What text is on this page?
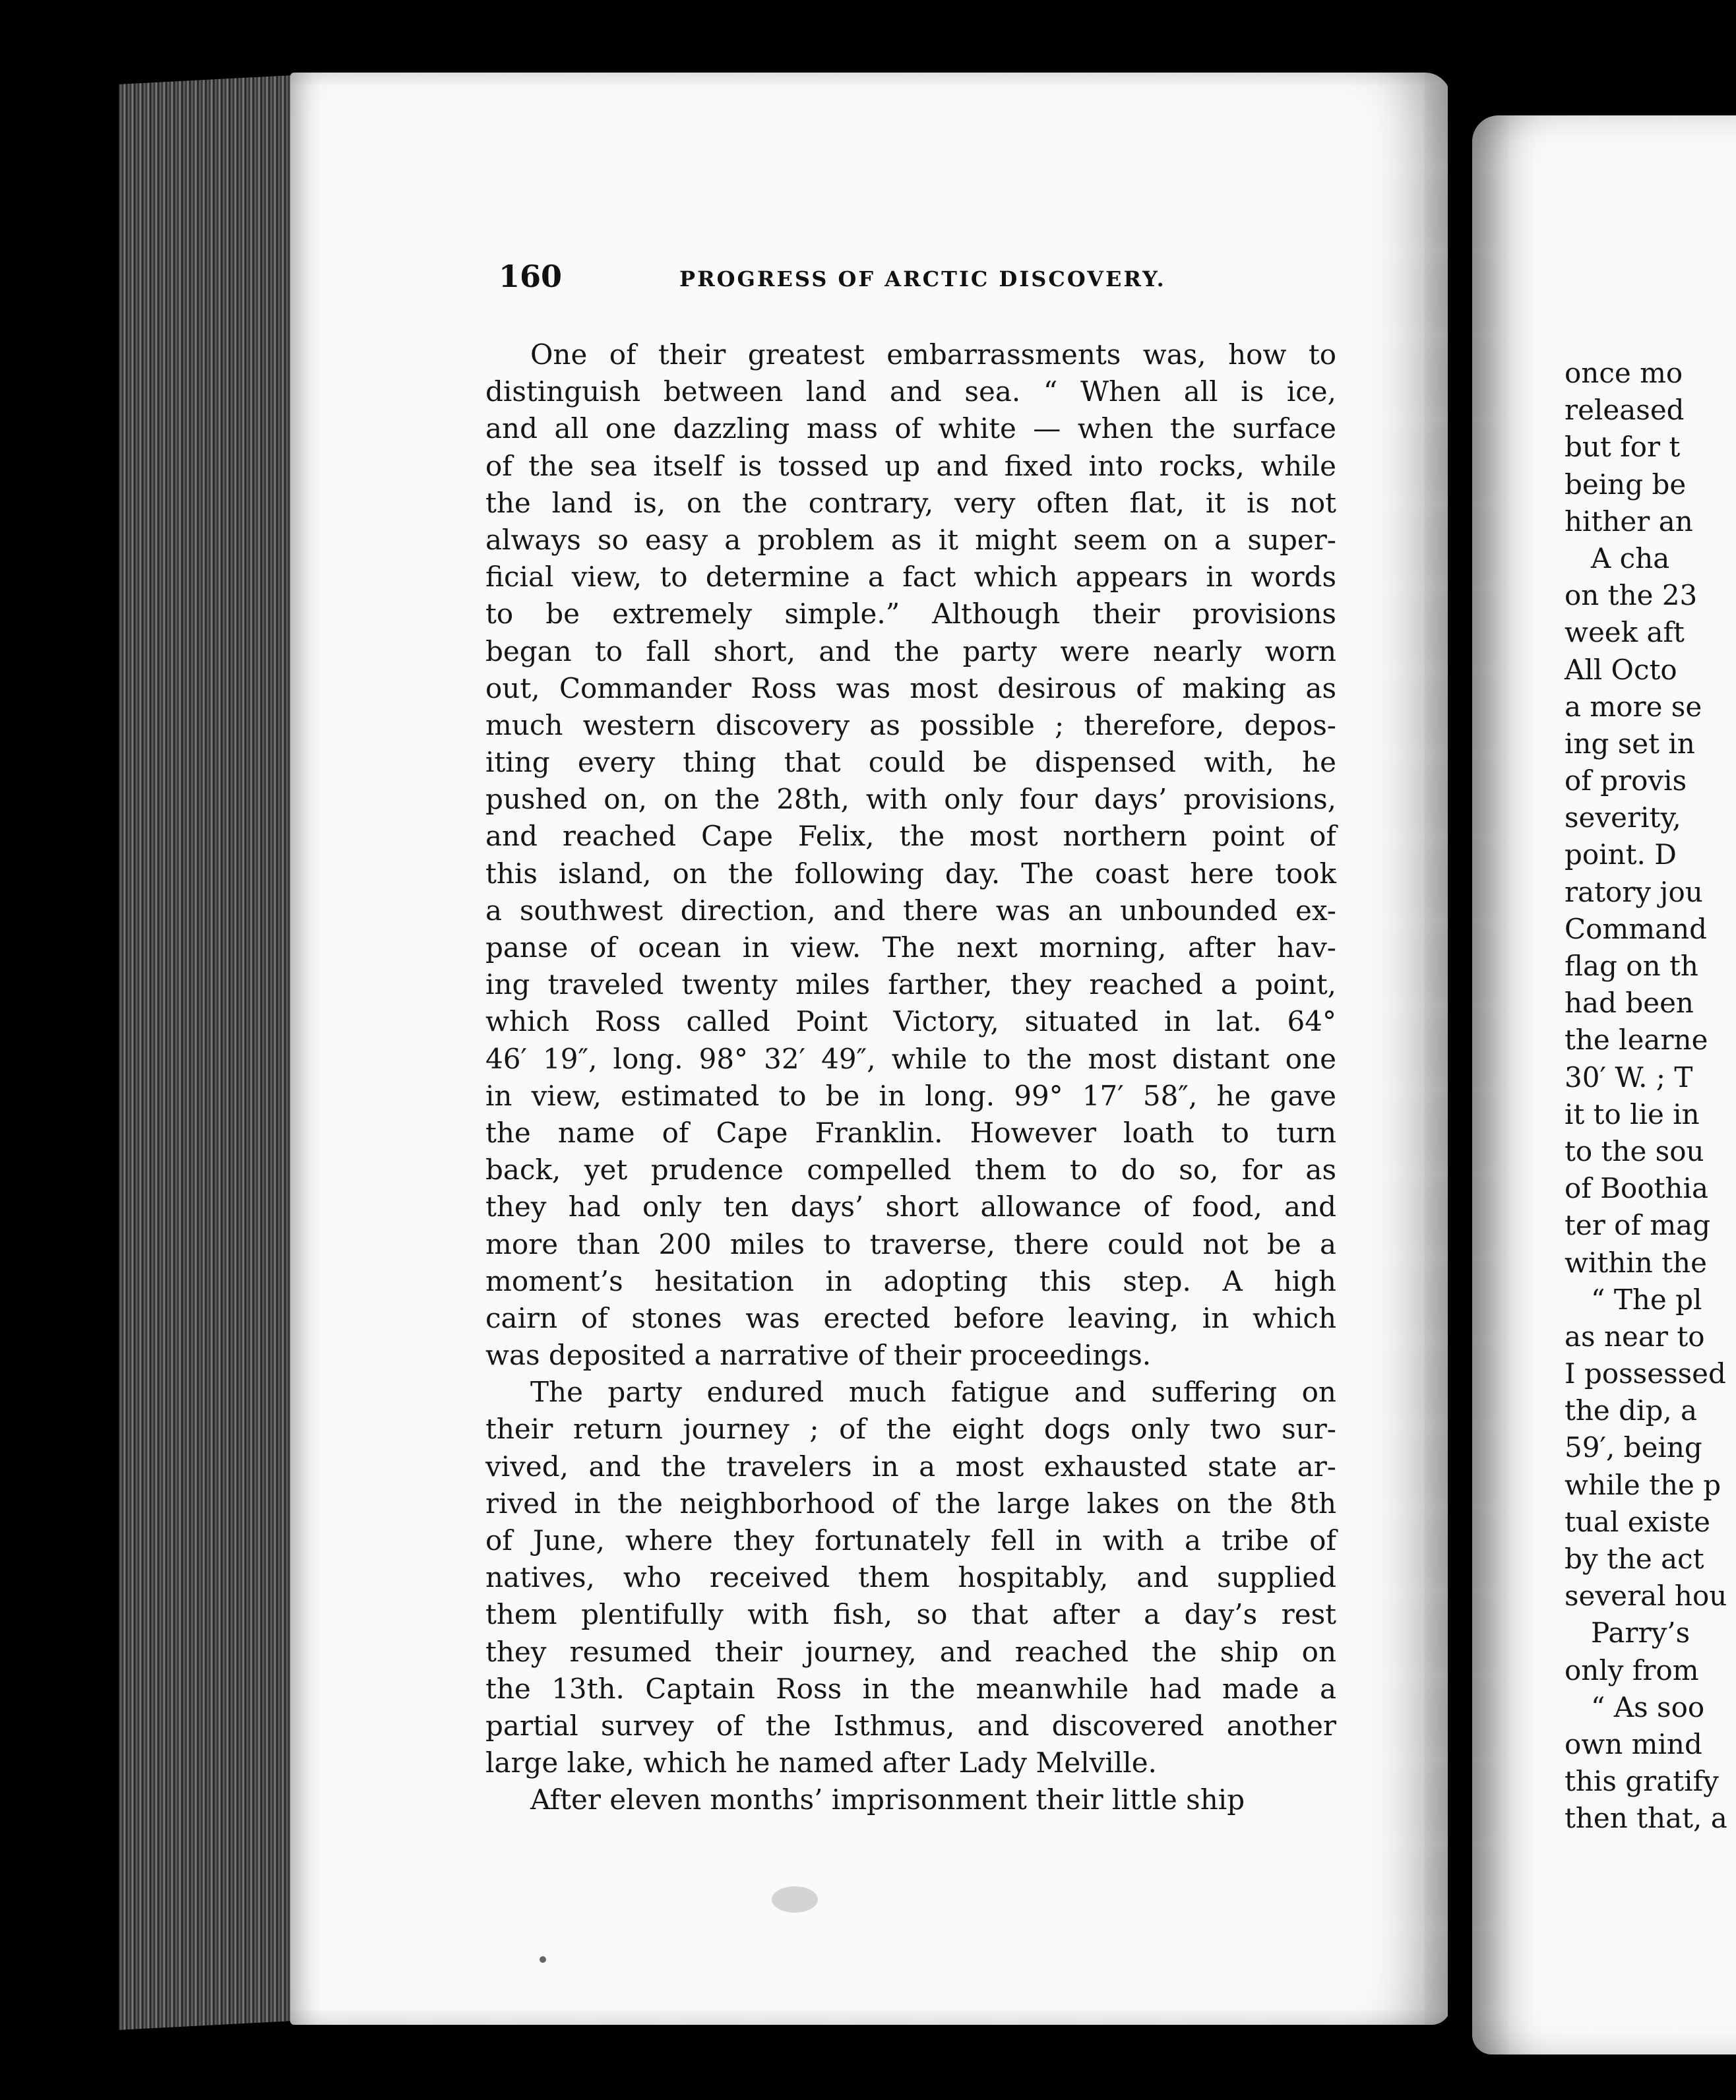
160	PROGRESS OF ARCTIC DISCOVERY.
One of their greatest embarrassments was, how to
distinguish between land and sea. “ When all is ice,
and all one dazzling mass of white — when the surface
of the sea itself is tossed up and fixed into rocks, while
the land is, on the contrary, very often flat, it is not
always so easy a problem as it might seem on a super-
ficial view, to determine a fact which appears in words
to be extremely simple.” Although their provisions
began to fall short, and the party were nearly worn
out, Commander Ross was most desirous of making as
much western discovery as possible ; therefore, depos-
iting every thing that could be dispensed with, he
pushed on, on the 28th, with only four days’ provisions,
and reached Cape Felix, the most northern point of
this island, on the following day. The coast here took
a southwest direction, and there was an unbounded ex-
panse of ocean in view. The next morning, after hav-
ing traveled twenty miles farther, they reached a point,
which Ross called Point Victory, situated in lat. 64°
46′ 19″, long. 98° 32′ 49″, while to the most distant one
in view, estimated to be in long. 99° 17′ 58″, he gave
the name of Cape Franklin. However loath to turn
back, yet prudence compelled them to do so, for as
they had only ten days’ short allowance of food, and
more than 200 miles to traverse, there could not be a
moment’s hesitation in adopting this step. A high
cairn of stones was erected before leaving, in which
was deposited a narrative of their proceedings.
The party endured much fatigue and suffering on
their return journey ; of the eight dogs only two sur-
vived, and the travelers in a most exhausted state ar-
rived in the neighborhood of the large lakes on the 8th
of June, where they fortunately fell in with a tribe of
natives, who received them hospitably, and supplied
them plentifully with fish, so that after a day’s rest
they resumed their journey, and reached the ship on
the 13th. Captain Ross in the meanwhile had made a
partial survey of the Isthmus, and discovered another
large lake, which he named after Lady Melville.
After eleven months’ imprisonment their little ship
once mo
released
but for t
being be
hither an
A cha
on the 23
week aft
All Octo
a more se
ing set in
of provis
severity,
point. D
ratory jou
Command
flag on th
had been
the learne
30′ W. ; T
it to lie in
to the sou
of Boothia
ter of mag
within the
“ The pl
as near to
I possessed
the dip, a
59′, being
while the p
tual existe
by the act
several hou
Parry’s
only from
“ As soo
own mind
this gratify
then that, a
